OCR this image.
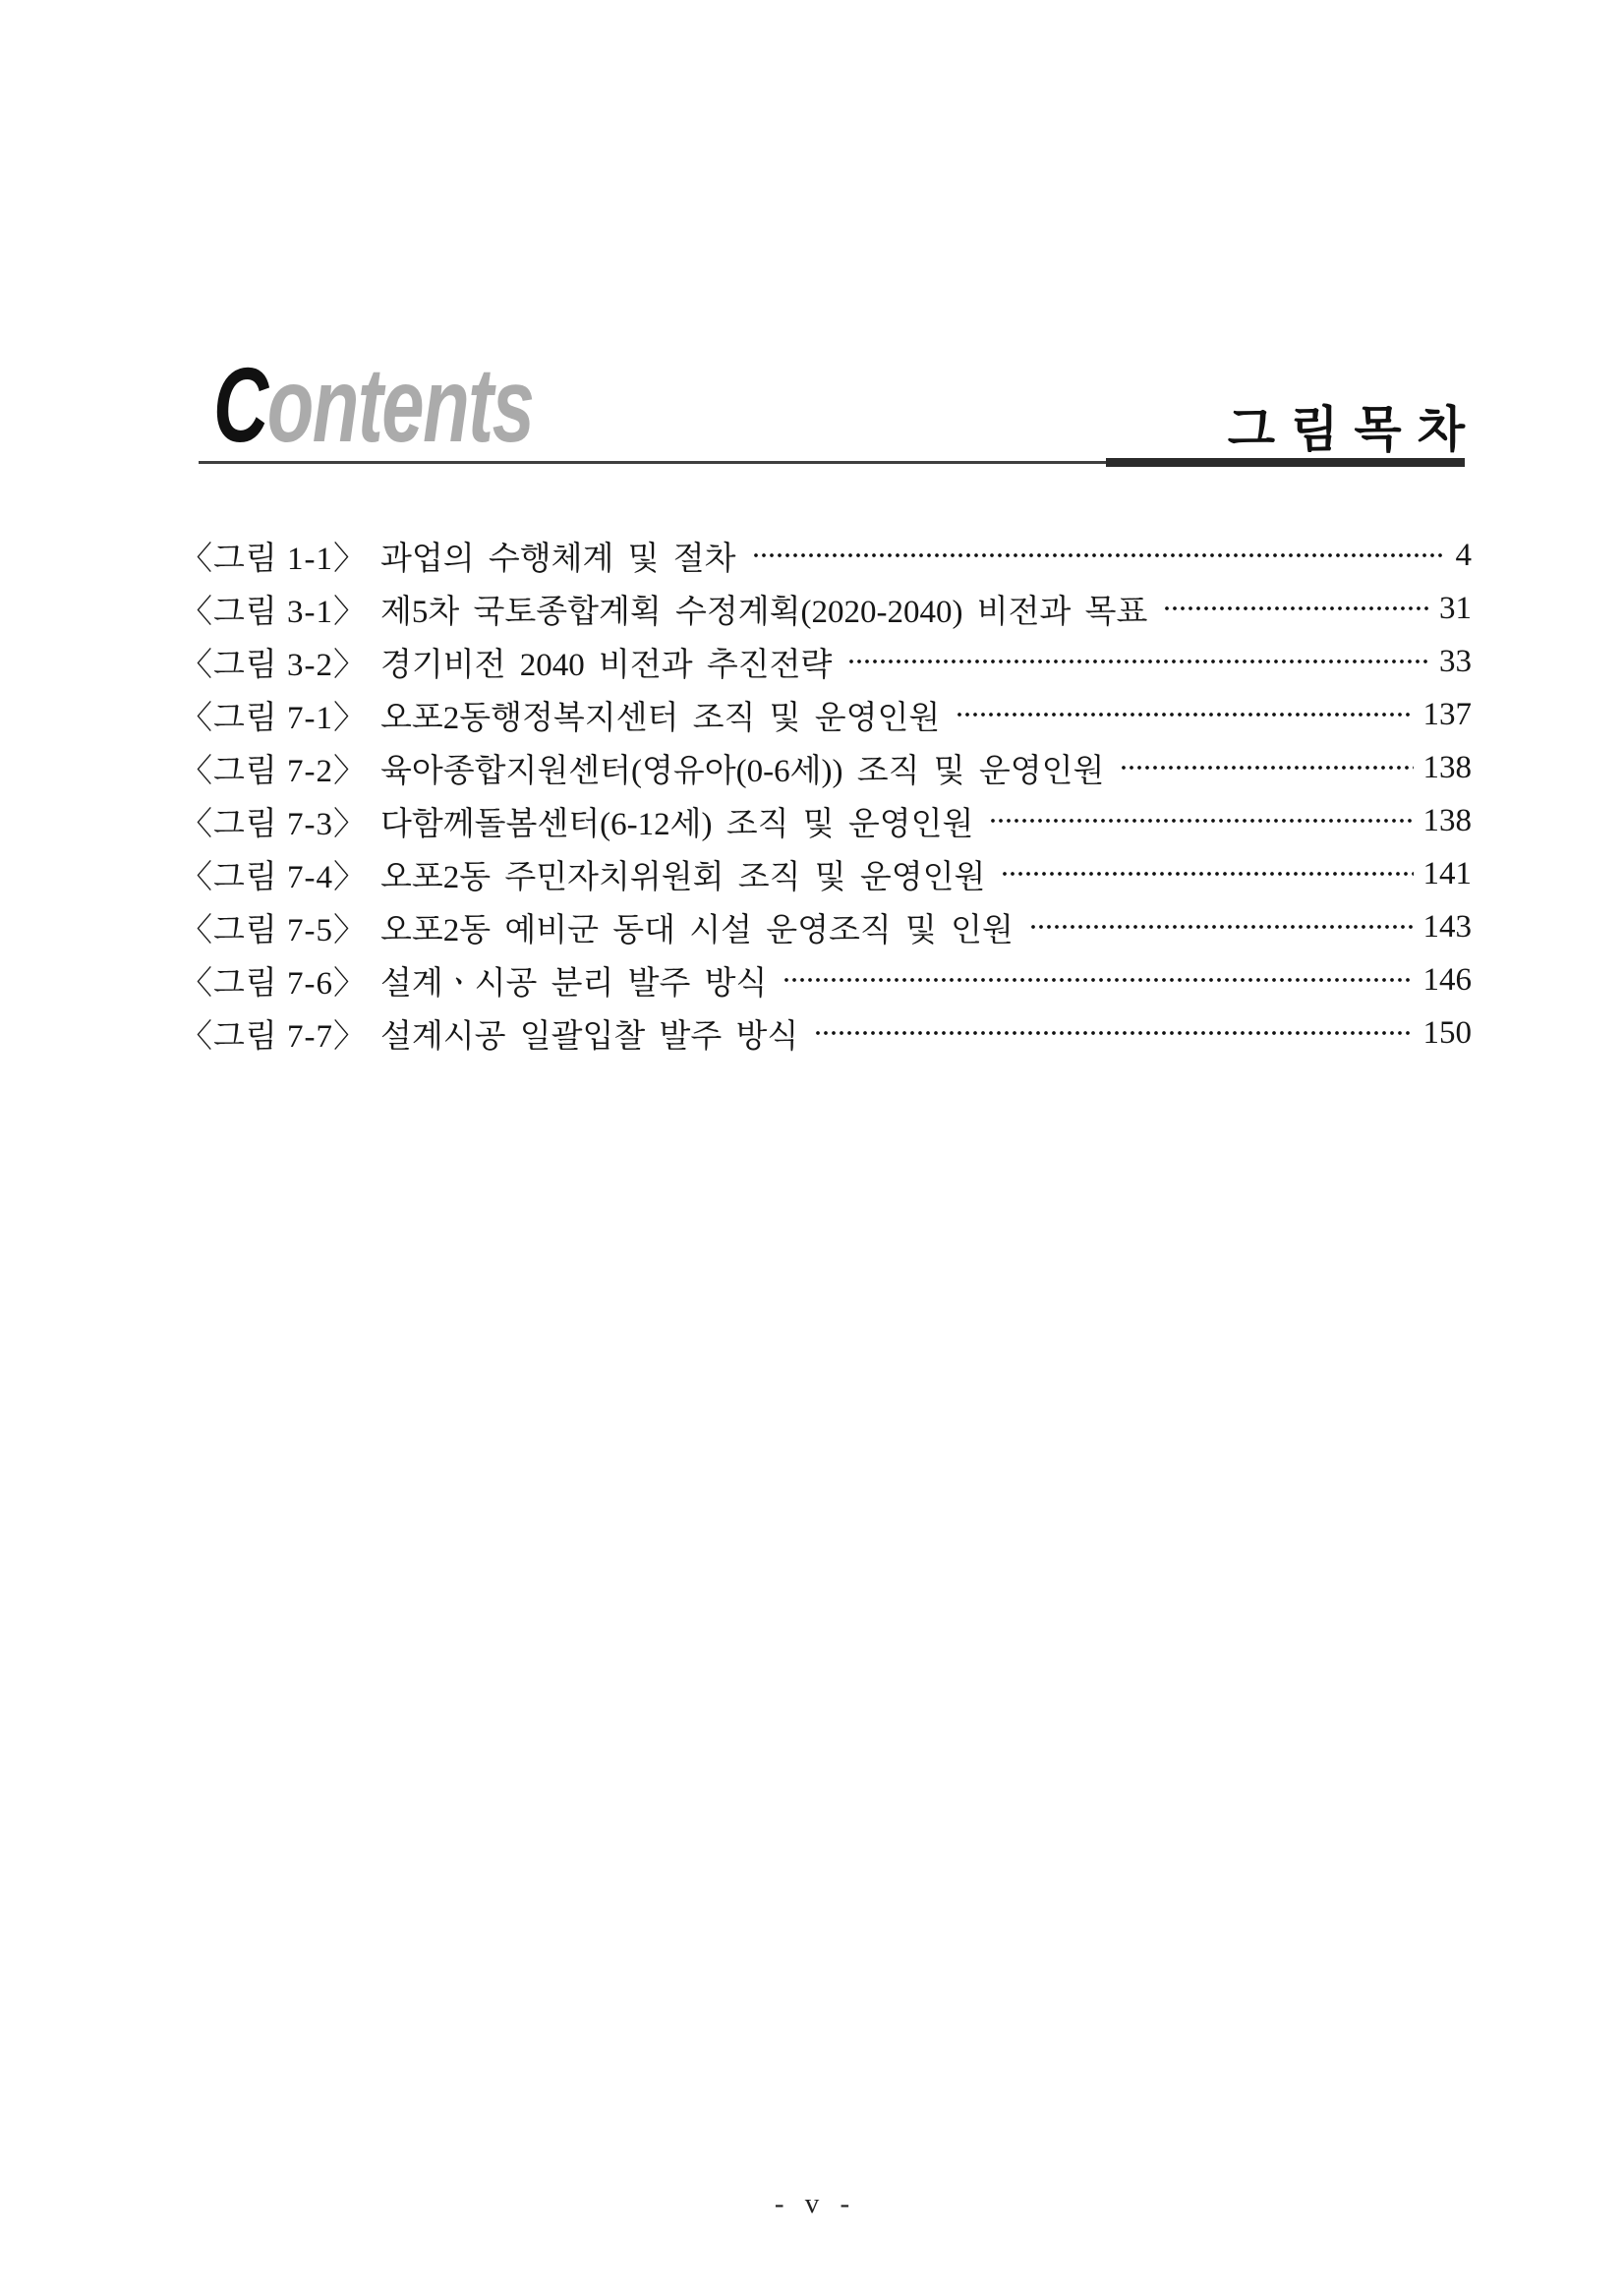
Contents	그림목차
〈그림 1-1〉 과업의 수행체계 및 절차	4
〈그림 3-1〉 제5차 국토종합계획 수정계획(2020-2040) 비전과 목표	31
〈그림 3-2〉 경기비전 2040 비전과 추진전략	33
〈그림 7-1〉 오포2동행정복지센터 조직 및 운영인원	137
〈그림 7-2〉 육아종합지원센터(영유아(0-6세)) 조직 및 운영인원	138
〈그림 7-3〉 다함께돌봄센터(6-12세) 조직 및 운영인원	138
〈그림 7-4〉 오포2동 주민자치위원회 조직 및 운영인원	141
〈그림 7-5〉 오포2동 예비군 동대 시설 운영조직 및 인원	143
〈그림 7-6〉 설계ㆍ시공 분리 발주 방식	146
〈그림 7-7〉 설계시공 일괄입찰 발주 방식	150
- v -
